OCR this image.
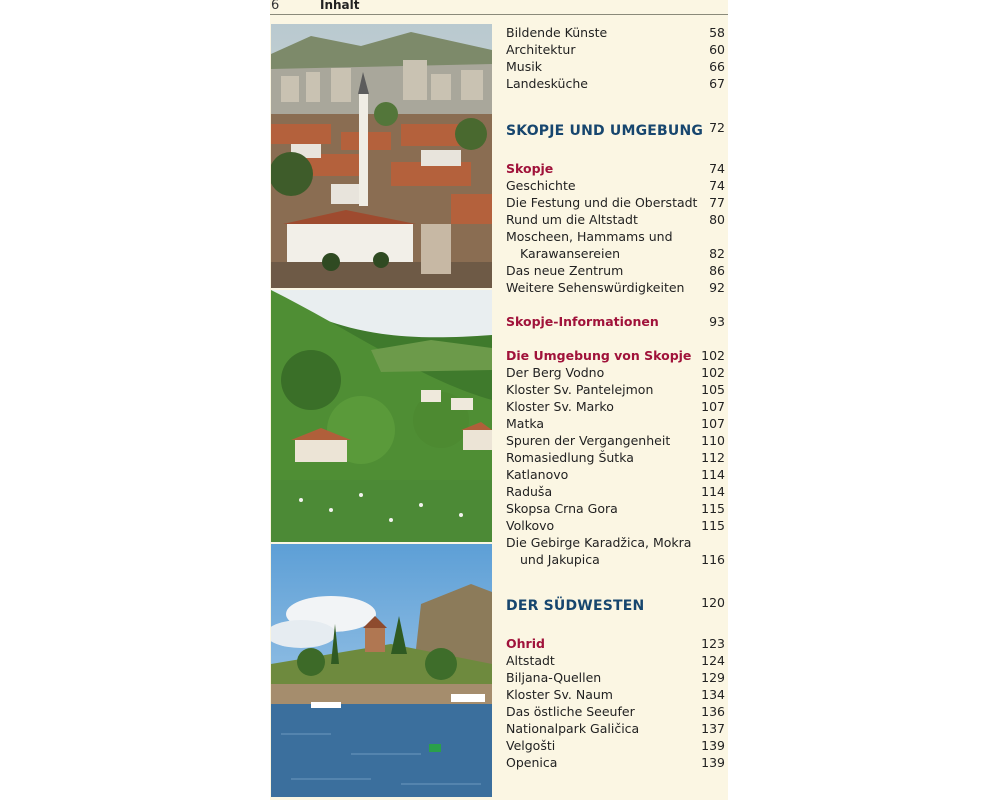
6	Inhalt
Bildende Künste	58
Architektur	60
Musik	66
Landesküche	67
SKOPJE UND UMGEBUNG 72
Skopje	74
Geschichte	74
Die Festung und die Oberstadt 77
Rund um die Altstadt	80
Moscheen, Hammams und
Karawansereien	82
Das neue Zentrum	86
Weitere Sehenswürdigkeiten 92
Skopje-Informationen	93
Die Umgebung von Skopje 102
Der Berg Vodno	102
Kloster Sv. Pantelejmon	105
Kloster Sv. Marko	107
Matka	107
Spuren der Vergangenheit 110
Romasiedlung Šutka	112
Katlanovo	114
Raduša	114
Skopsa Crna Gora	115
Volkovo	115
Die Gebirge Karadžica, Mokra
und Jakupica	116
DER SÜDWESTEN	120
Ohrid	123
Altstadt	124
Biljana-Quellen	129
Kloster Sv. Naum	134
Das östliche Seeufer	136
Nationalpark Galičica	137
Velgošti	139
Openica	139
